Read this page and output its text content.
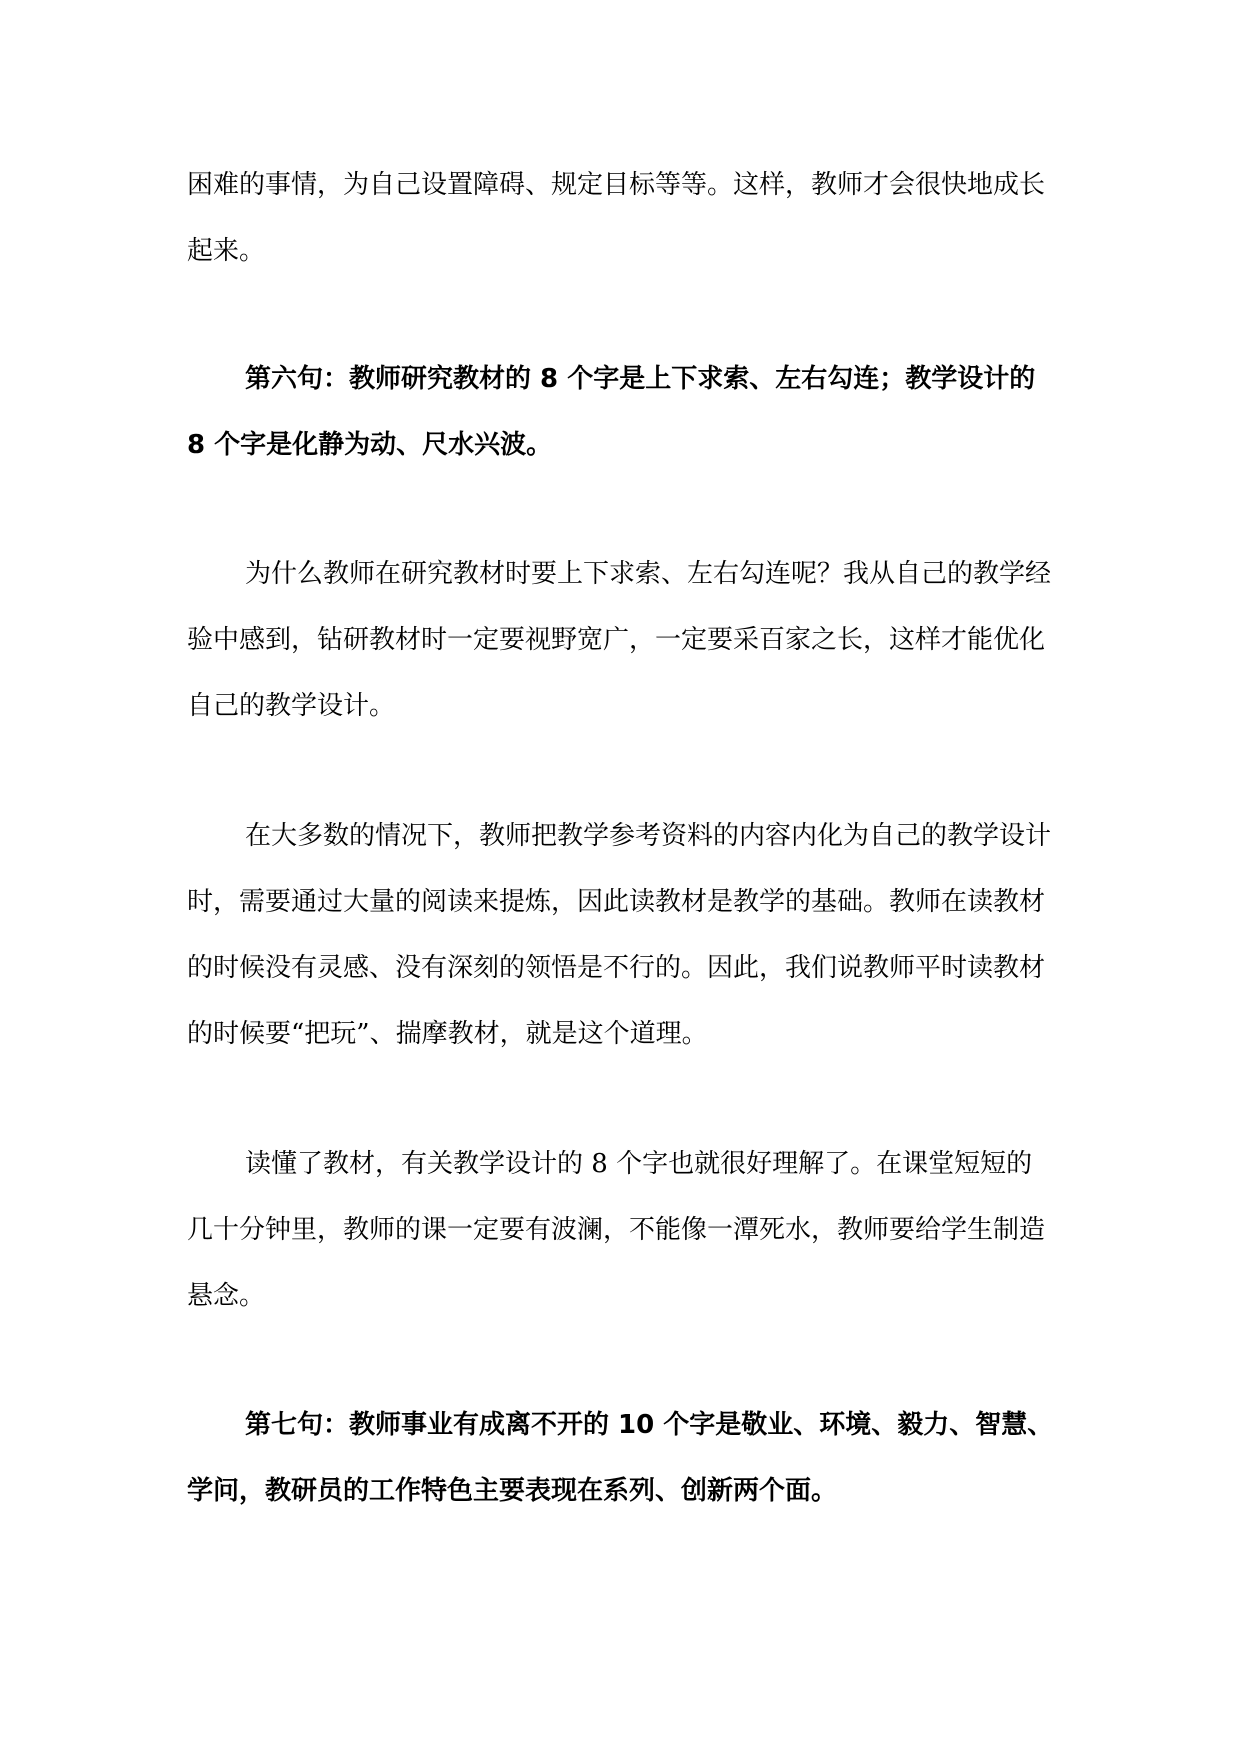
困难的事情，为自己设置障碍、规定目标等等。这样，教师才会很快地成长起来。

第六句：教师研究教材的 8 个字是上下求索、左右勾连；教学设计的 8 个字是化静为动、尺水兴波。

为什么教师在研究教材时要上下求索、左右勾连呢？我从自己的教学经验中感到，钻研教材时一定要视野宽广，一定要采百家之长，这样才能优化自己的教学设计。

在大多数的情况下，教师把教学参考资料的内容内化为自己的教学设计时，需要通过大量的阅读来提炼，因此读教材是教学的基础。教师在读教材的时候没有灵感、没有深刻的领悟是不行的。因此，我们说教师平时读教材的时候要“把玩”、揣摩教材，就是这个道理。

读懂了教材，有关教学设计的 8 个字也就很好理解了。在课堂短短的几十分钟里，教师的课一定要有波澜，不能像一潭死水，教师要给学生制造悬念。

第七句：教师事业有成离不开的 10 个字是敬业、环境、毅力、智慧、学问，教研员的工作特色主要表现在系列、创新两个面。
